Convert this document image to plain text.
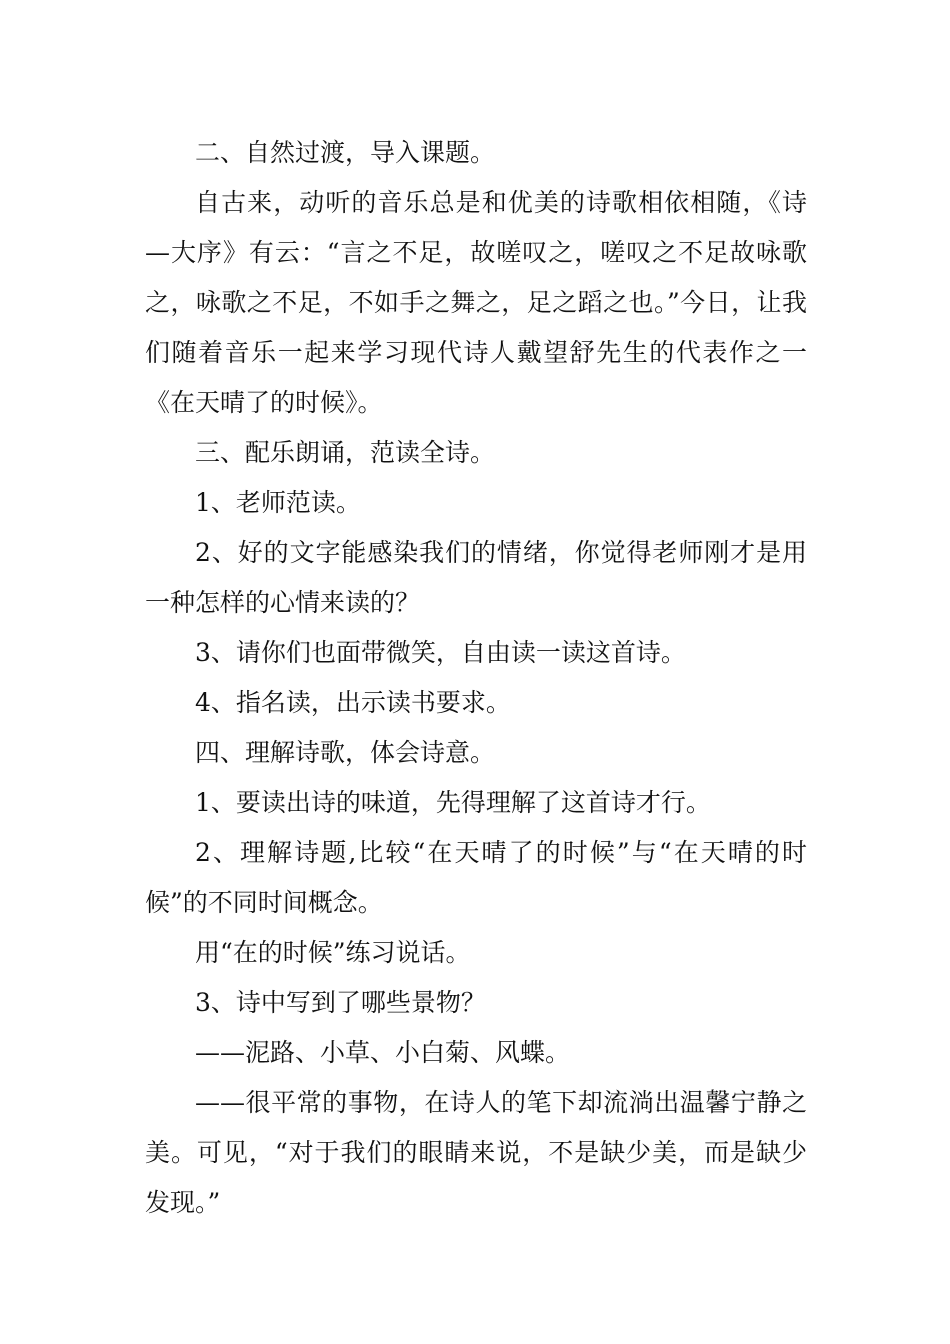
二、自然过渡，导入课题。

自古来，动听的音乐总是和优美的诗歌相依相随，《诗—大序》有云：“言之不足，故嗟叹之，嗟叹之不足故咏歌之，咏歌之不足，不如手之舞之，足之蹈之也。”今日，让我们随着音乐一起来学习现代诗人戴望舒先生的代表作之一《在天晴了的时候》。

三、配乐朗诵，范读全诗。

1、老师范读。

2、好的文字能感染我们的情绪，你觉得老师刚才是用一种怎样的心情来读的？

3、请你们也面带微笑，自由读一读这首诗。

4、指名读，出示读书要求。

四、理解诗歌，体会诗意。

1、要读出诗的味道，先得理解了这首诗才行。

2、理解诗题,比较“在天晴了的时候”与“在天晴的时候”的不同时间概念。

用“在的时候”练习说话。

3、诗中写到了哪些景物？

——泥路、小草、小白菊、风蝶。

——很平常的事物，在诗人的笔下却流淌出温馨宁静之美。可见，“对于我们的眼睛来说，不是缺少美，而是缺少发现。”
